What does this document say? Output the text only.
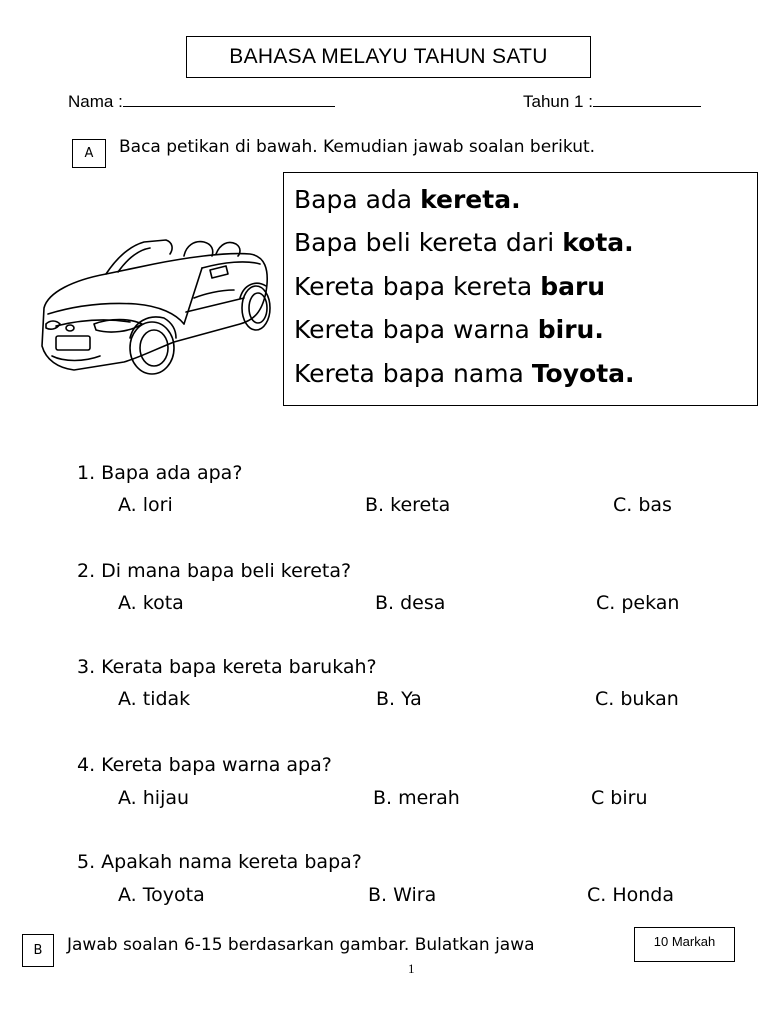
BAHASA MELAYU TAHUN SATU
Nama :	Tahun 1 :
A	Baca petikan di bawah. Kemudian jawab soalan berikut.
Bapa ada kereta.
Bapa beli kereta dari kota.
Kereta bapa kereta baru
Kereta bapa warna biru.
Kereta bapa nama Toyota.
1. Bapa ada apa?
A. lori	B. kereta	C. bas
2. Di mana bapa beli kereta?
A. kota	B. desa	C. pekan
3. Kerata bapa kereta barukah?
A. tidak	B. Ya	C. bukan
4. Kereta bapa warna apa?
A. hijau	B. merah	C biru
5. Apakah nama kereta bapa?
A. Toyota	B. Wira	C. Honda
B	Jawab soalan 6-15 berdasarkan gambar. Bulatkan jawa	10 Markah
1
